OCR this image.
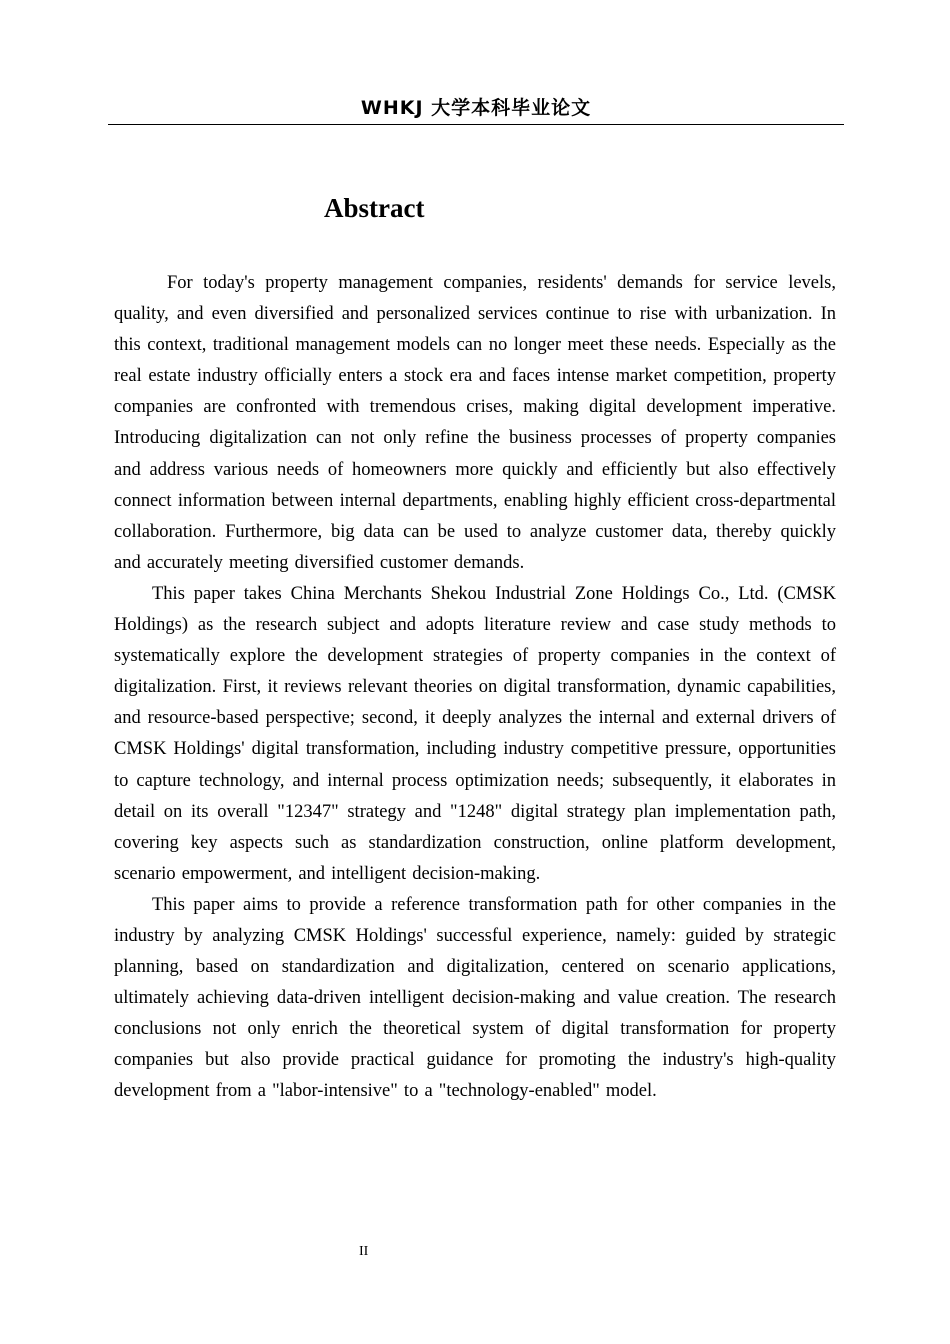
WHKJ 大学本科毕业论文
Abstract

For today's property management companies, residents' demands for service levels, quality, and even diversified and personalized services continue to rise with urbanization. In this context, traditional management models can no longer meet these needs. Especially as the real estate industry officially enters a stock era and faces intense market competition, property companies are confronted with tremendous crises, making digital development imperative. Introducing digitalization can not only refine the business processes of property companies and address various needs of homeowners more quickly and efficiently but also effectively connect information between internal departments, enabling highly efficient cross-departmental collaboration. Furthermore, big data can be used to analyze customer data, thereby quickly and accurately meeting diversified customer demands.

This paper takes China Merchants Shekou Industrial Zone Holdings Co., Ltd. (CMSK Holdings) as the research subject and adopts literature review and case study methods to systematically explore the development strategies of property companies in the context of digitalization. First, it reviews relevant theories on digital transformation, dynamic capabilities, and resource-based perspective; second, it deeply analyzes the internal and external drivers of CMSK Holdings' digital transformation, including industry competitive pressure, opportunities to capture technology, and internal process optimization needs; subsequently, it elaborates in detail on its overall "12347" strategy and "1248" digital strategy plan implementation path, covering key aspects such as standardization construction, online platform development, scenario empowerment, and intelligent decision-making.

This paper aims to provide a reference transformation path for other companies in the industry by analyzing CMSK Holdings' successful experience, namely: guided by strategic planning, based on standardization and digitalization, centered on scenario applications, ultimately achieving data-driven intelligent decision-making and value creation. The research conclusions not only enrich the theoretical system of digital transformation for property companies but also provide practical guidance for promoting the industry's high-quality development from a "labor-intensive" to a "technology-enabled" model.

II
